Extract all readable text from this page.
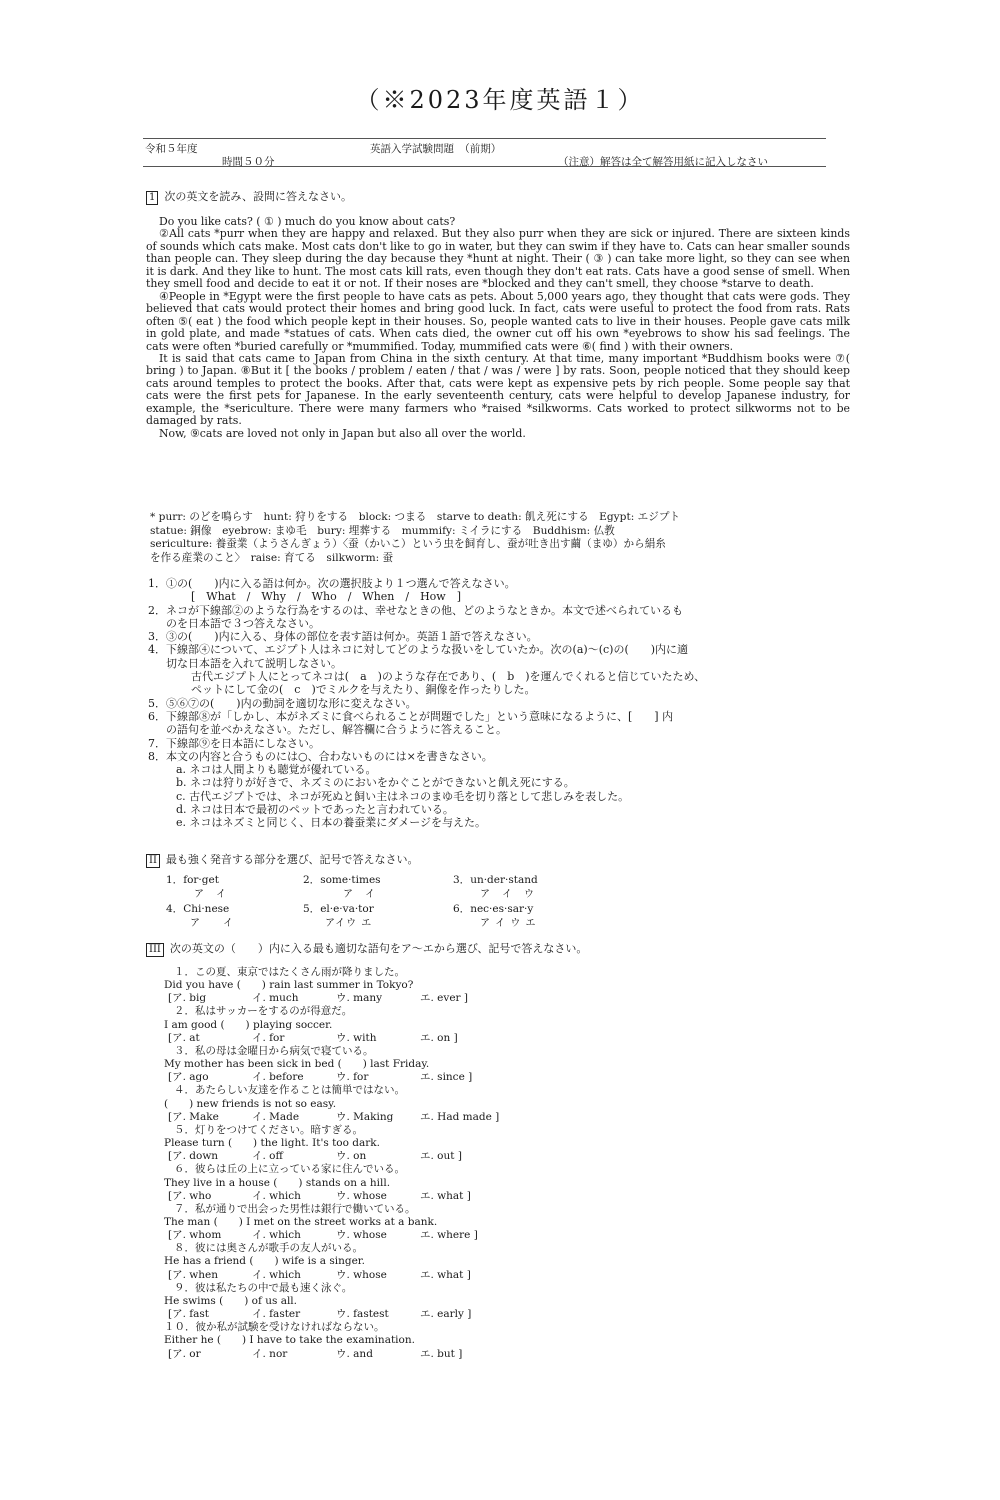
（※2023年度英語１）
令和５年度	英語入学試験問題　（前期）
時間５０分	（注意）解答は全て解答用紙に記入しなさい
1 次の英文を読み、設問に答えなさい。

Do you like cats? ( ① ) much do you know about cats?

②All cats *purr when they are happy and relaxed. But they also purr when they are sick or injured. There are sixteen kinds of sounds which cats make. Most cats don't like to go in water, but they can swim if they have to. Cats can hear smaller sounds than people can. They sleep during the day because they *hunt at night. Their ( ③ ) can take more light, so they can see when it is dark. And they like to hunt. The most cats kill rats, even though they don't eat rats. Cats have a good sense of smell. When they smell food and decide to eat it or not. If their noses are *blocked and they can't smell, they choose *starve to death.

④People in *Egypt were the first people to have cats as pets. About 5,000 years ago, they thought that cats were gods. They believed that cats would protect their homes and bring good luck. In fact, cats were useful to protect the food from rats. Rats often ⑤( eat ) the food which people kept in their houses. So, people wanted cats to live in their houses. People gave cats milk in gold plate, and made *statues of cats. When cats died, the owner cut off his own *eyebrows to show his sad feelings. The cats were often *buried carefully or *mummified. Today, mummified cats were ⑥( find ) with their owners.

It is said that cats came to Japan from China in the sixth century. At that time, many important *Buddhism books were ⑦( bring ) to Japan. ⑧But it [ the books / problem / eaten / that / was / were ] by rats. Soon, people noticed that they should keep cats around temples to protect the books. After that, cats were kept as expensive pets by rich people. Some people say that cats were the first pets for Japanese. In the early seventeenth century, cats were helpful to develop Japanese industry, for example, the *sericulture. There were many farmers who *raised *silkworms. Cats worked to protect silkworms not to be damaged by rats.

Now, ⑨cats are loved not only in Japan but also all over the world.

* purr: のどを鳴らす　hunt: 狩りをする　block: つまる　starve to death: 飢え死にする　Egypt: エジプト

statue: 銅像　eyebrow: まゆ毛　bury: 埋葬する　mummify: ミイラにする　Buddhism: 仏教

sericulture: 養蚕業（ようさんぎょう）〈蚕（かいこ）という虫を飼育し、蚕が吐き出す繭（まゆ）から絹糸

を作る産業のこと〉　raise: 育てる　silkworm: 蚕

1．①の(　　)内に入る語は何か。次の選択肢より１つ選んで答えなさい。
[　What　/　Why　/　Who　/　When　/　How　]
2．ネコが下線部②のような行為をするのは、幸せなときの他、どのようなときか。本文で述べられているも
のを日本語で３つ答えなさい。
3．③の(　　)内に入る、身体の部位を表す語は何か。英語１語で答えなさい。
4．下線部④について、エジプト人はネコに対してどのような扱いをしていたか。次の(a)～(c)の(　　)内に適
切な日本語を入れて説明しなさい。
古代エジプト人にとってネコは(　a　)のような存在であり、(　b　)を運んでくれると信じていたため、
ペットにして金の(　c　)でミルクを与えたり、銅像を作ったりした。
5．⑤⑥⑦の(　　)内の動詞を適切な形に変えなさい。
6．下線部⑧が「しかし、本がネズミに食べられることが問題でした」という意味になるように、[　　] 内
の語句を並べかえなさい。ただし、解答欄に合うように答えること。
7．下線部⑨を日本語にしなさい。
8．本文の内容と合うものには○、合わないものには×を書きなさい。
a. ネコは人間よりも聴覚が優れている。
b. ネコは狩りが好きで、ネズミのにおいをかぐことができないと飢え死にする。
c. 古代エジプトでは、ネコが死ぬと飼い主はネコのまゆ毛を切り落として悲しみを表した。
d. ネコは日本で最初のペットであったと言われている。
e. ネコはネズミと同じく、日本の養蚕業にダメージを与えた。
II 最も強く発音する部分を選び、記号で答えなさい。
1．for·get
ア　イ
2．some·times
ア　イ
3．un·der·stand
ア　イ　ウ
4．Chi·nese
ア　　イ
5．el·e·va·tor
アイウ エ
6．nec·es·sar·y
ア イ ウ エ
III 次の英文の（　　）内に入る最も適切な語句をア～エから選び、記号で答えなさい。
１．この夏、東京ではたくさん雨が降りました。
Did you have (　　) rain last summer in Tokyo?
[ア. big	イ. much	ウ. many	エ. ever ]
２．私はサッカーをするのが得意だ。
I am good (　　) playing soccer.
[ア. at	イ. for	ウ. with	エ. on ]
３．私の母は金曜日から病気で寝ている。
My mother has been sick in bed (　　) last Friday.
[ア. ago	イ. before	ウ. for	エ. since ]
４．あたらしい友達を作ることは簡単ではない。
(　　) new friends is not so easy.
[ア. Make	イ. Made	ウ. Making	エ. Had made ]
５．灯りをつけてください。暗すぎる。
Please turn (　　) the light. It's too dark.
[ア. down	イ. off	ウ. on	エ. out ]
６．彼らは丘の上に立っている家に住んでいる。
They live in a house (　　) stands on a hill.
[ア. who	イ. which	ウ. whose	エ. what ]
７．私が通りで出会った男性は銀行で働いている。
The man (　　) I met on the street works at a bank.
[ア. whom	イ. which	ウ. whose	エ. where ]
８．彼には奥さんが歌手の友人がいる。
He has a friend (　　) wife is a singer.
[ア. when	イ. which	ウ. whose	エ. what ]
９．彼は私たちの中で最も速く泳ぐ。
He swims (　　) of us all.
[ア. fast	イ. faster	ウ. fastest	エ. early ]
１０．彼か私が試験を受けなければならない。
Either he (　　) I have to take the examination.
[ア. or	イ. nor	ウ. and	エ. but ]
